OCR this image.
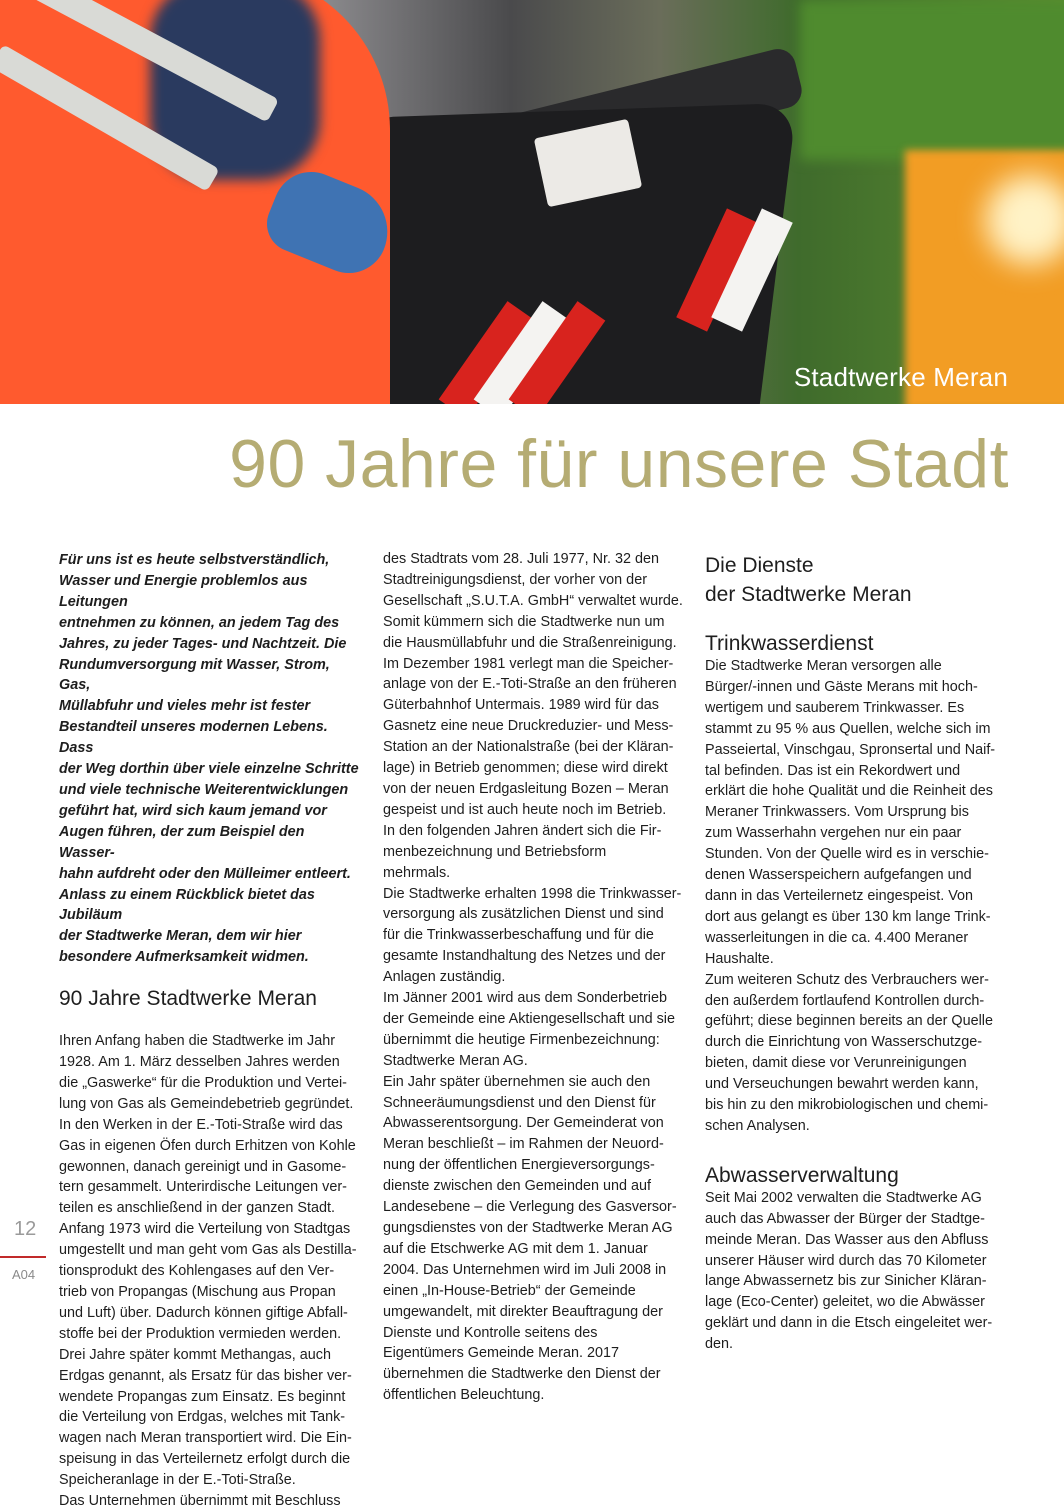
Stadtwerke Meran
90 Jahre für unsere Stadt

Für uns ist es heute selbstverständlich,
Wasser und Energie problemlos aus Leitungen
entnehmen zu können, an jedem Tag des
Jahres, zu jeder Tages- und Nachtzeit. Die
Rundumversorgung mit Wasser, Strom, Gas,
Müllabfuhr und vieles mehr ist fester
Bestandteil unseres modernen Lebens. Dass
der Weg dorthin über viele einzelne Schritte
und viele technische Weiterentwicklungen
geführt hat, wird sich kaum jemand vor
Augen führen, der zum Beispiel den Wasser-
hahn aufdreht oder den Mülleimer entleert.
Anlass zu einem Rückblick bietet das Jubiläum
der Stadtwerke Meran, dem wir hier
besondere Aufmerksamkeit widmen.

90 Jahre Stadtwerke Meran

Ihren Anfang haben die Stadtwerke im Jahr
1928. Am 1. März desselben Jahres werden
die „Gaswerke“ für die Produktion und Vertei-
lung von Gas als Gemeindebetrieb gegründet.
In den Werken in der E.-Toti-Straße wird das
Gas in eigenen Öfen durch Erhitzen von Kohle
gewonnen, danach gereinigt und in Gasome-
tern gesammelt. Unterirdische Leitungen ver-
teilen es anschließend in der ganzen Stadt.
Anfang 1973 wird die Verteilung von Stadtgas
umgestellt und man geht vom Gas als Destilla-
tionsprodukt des Kohlengases auf den Ver-
trieb von Propangas (Mischung aus Propan
und Luft) über. Dadurch können giftige Abfall-
stoffe bei der Produktion vermieden werden.
Drei Jahre später kommt Methangas, auch
Erdgas genannt, als Ersatz für das bisher ver-
wendete Propangas zum Einsatz. Es beginnt
die Verteilung von Erdgas, welches mit Tank-
wagen nach Meran transportiert wird. Die Ein-
speisung in das Verteilernetz erfolgt durch die
Speicheranlage in der E.-Toti-Straße.
Das Unternehmen übernimmt mit Beschluss

des Stadtrats vom 28. Juli 1977, Nr. 32 den
Stadtreinigungsdienst, der vorher von der
Gesellschaft „S.U.T.A. GmbH“ verwaltet wurde.
Somit kümmern sich die Stadtwerke nun um
die Hausmüllabfuhr und die Straßenreinigung.
Im Dezember 1981 verlegt man die Speicher-
anlage von der E.-Toti-Straße an den früheren
Güterbahnhof Untermais. 1989 wird für das
Gasnetz eine neue Druckreduzier- und Mess-
Station an der Nationalstraße (bei der Kläran-
lage) in Betrieb genommen; diese wird direkt
von der neuen Erdgasleitung Bozen – Meran
gespeist und ist auch heute noch im Betrieb.
In den folgenden Jahren ändert sich die Fir-
menbezeichnung und Betriebsform
mehrmals.
Die Stadtwerke erhalten 1998 die Trinkwasser-
versorgung als zusätzlichen Dienst und sind
für die Trinkwasserbeschaffung und für die
gesamte Instandhaltung des Netzes und der
Anlagen zuständig.
Im Jänner 2001 wird aus dem Sonderbetrieb
der Gemeinde eine Aktiengesellschaft und sie
übernimmt die heutige Firmenbezeichnung:
Stadtwerke Meran AG.
Ein Jahr später übernehmen sie auch den
Schneeräumungsdienst und den Dienst für
Abwasserentsorgung. Der Gemeinderat von
Meran beschließt – im Rahmen der Neuord-
nung der öffentlichen Energieversorgungs-
dienste zwischen den Gemeinden und auf
Landesebene – die Verlegung des Gasversor-
gungsdienstes von der Stadtwerke Meran AG
auf die Etschwerke AG mit dem 1. Januar
2004. Das Unternehmen wird im Juli 2008 in
einen „In-House-Betrieb“ der Gemeinde
umgewandelt, mit direkter Beauftragung der
Dienste und Kontrolle seitens des
Eigentümers Gemeinde Meran. 2017
übernehmen die Stadtwerke den Dienst der
öffentlichen Beleuchtung.

Die Dienste
der Stadtwerke Meran
Trinkwasserdienst

Die Stadtwerke Meran versorgen alle
Bürger/-innen und Gäste Merans mit hoch-
wertigem und sauberem Trinkwasser. Es
stammt zu 95 % aus Quellen, welche sich im
Passeiertal, Vinschgau, Spronsertal und Naif-
tal befinden. Das ist ein Rekordwert und
erklärt die hohe Qualität und die Reinheit des
Meraner Trinkwassers. Vom Ursprung bis
zum Wasserhahn vergehen nur ein paar
Stunden. Von der Quelle wird es in verschie-
denen Wasserspeichern aufgefangen und
dann in das Verteilernetz eingespeist. Von
dort aus gelangt es über 130 km lange Trink-
wasserleitungen in die ca. 4.400 Meraner
Haushalte.
Zum weiteren Schutz des Verbrauchers wer-
den außerdem fortlaufend Kontrollen durch-
geführt; diese beginnen bereits an der Quelle
durch die Einrichtung von Wasserschutzge-
bieten, damit diese vor Verunreinigungen
und Verseuchungen bewahrt werden kann,
bis hin zu den mikrobiologischen und chemi-
schen Analysen.

Abwasserverwaltung

Seit Mai 2002 verwalten die Stadtwerke AG
auch das Abwasser der Bürger der Stadtge-
meinde Meran. Das Wasser aus den Abfluss
unserer Häuser wird durch das 70 Kilometer
lange Abwassernetz bis zur Sinicher Kläran-
lage (Eco-Center) geleitet, wo die Abwässer
geklärt und dann in die Etsch eingeleitet wer-
den.

12
A04
